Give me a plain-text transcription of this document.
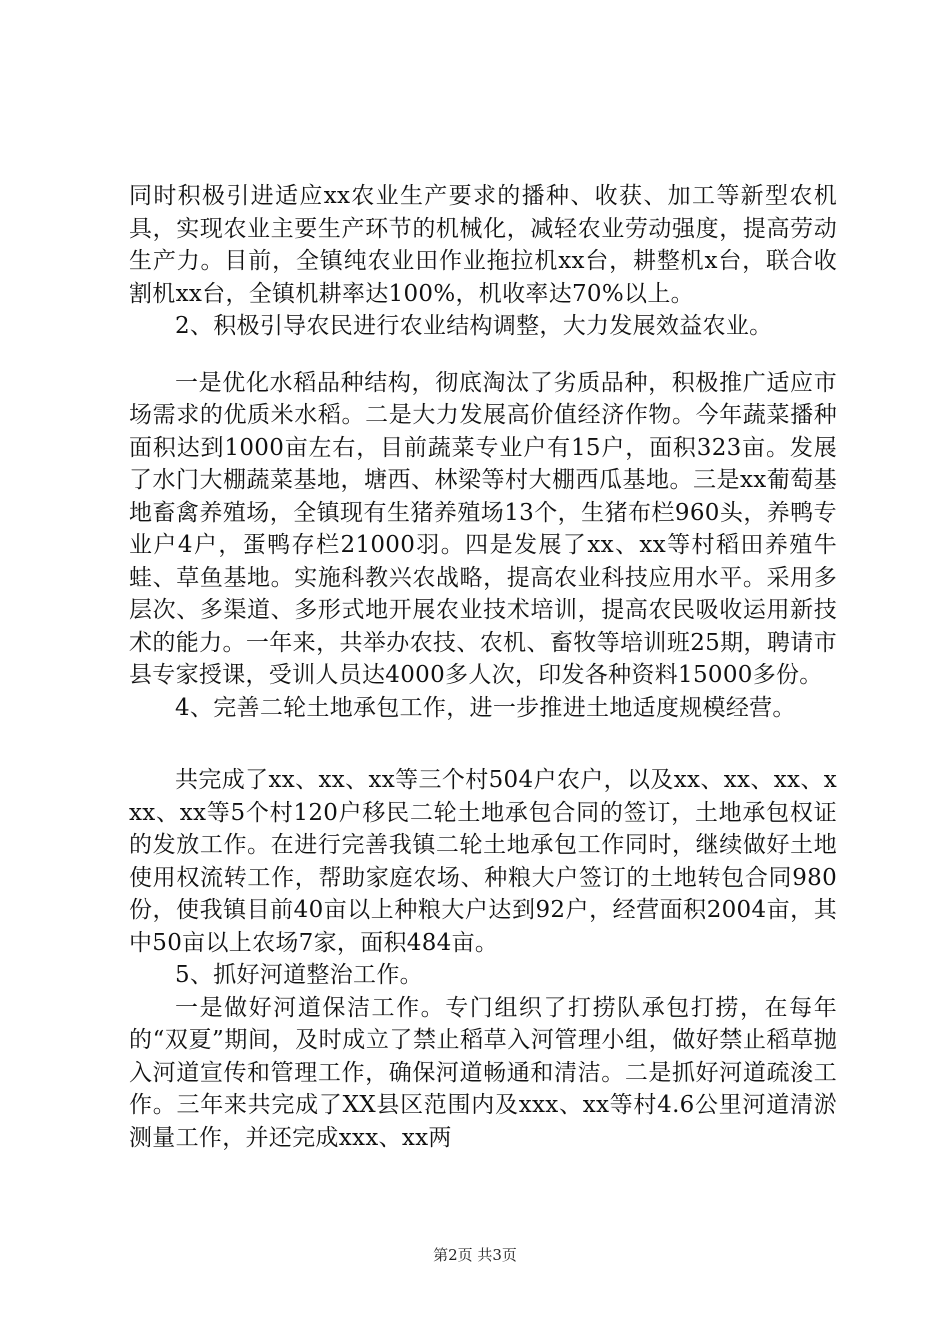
同时积极引进适应xx农业生产要求的播种、收获、加工等新型农机具，实现农业主要生产环节的机械化，减轻农业劳动强度，提高劳动生产力。目前，全镇纯农业田作业拖拉机xx台，耕整机x台，联合收割机xx台，全镇机耕率达100%，机收率达70%以上。

2、积极引导农民进行农业结构调整，大力发展效益农业。

一是优化水稻品种结构，彻底淘汰了劣质品种，积极推广适应市场需求的优质米水稻。二是大力发展高价值经济作物。今年蔬菜播种面积达到1000亩左右，目前蔬菜专业户有15户，面积323亩。发展了水门大棚蔬菜基地，塘西、林梁等村大棚西瓜基地。三是xx葡萄基地畜禽养殖场，全镇现有生猪养殖场13个，生猪布栏960头，养鸭专业户4户，蛋鸭存栏21000羽。四是发展了xx、xx等村稻田养殖牛蛙、草鱼基地。实施科教兴农战略，提高农业科技应用水平。采用多层次、多渠道、多形式地开展农业技术培训，提高农民吸收运用新技术的能力。一年来，共举办农技、农机、畜牧等培训班25期，聘请市县专家授课，受训人员达4000多人次，印发各种资料15000多份。

4、完善二轮土地承包工作，进一步推进土地适度规模经营。

共完成了xx、xx、xx等三个村504户农户，以及xx、xx、xx、xxx、xx等5个村120户移民二轮土地承包合同的签订，土地承包权证的发放工作。在进行完善我镇二轮土地承包工作同时，继续做好土地使用权流转工作，帮助家庭农场、种粮大户签订的土地转包合同980份，使我镇目前40亩以上种粮大户达到92户，经营面积2004亩，其中50亩以上农场7家，面积484亩。

5、抓好河道整治工作。

一是做好河道保洁工作。专门组织了打捞队承包打捞，在每年的“双夏”期间，及时成立了禁止稻草入河管理小组，做好禁止稻草抛入河道宣传和管理工作，确保河道畅通和清洁。二是抓好河道疏浚工作。三年来共完成了XX县区范围内及xxx、xx等村4.6公里河道清淤测量工作，并还完成xxx、xx两

第2页 共3页
